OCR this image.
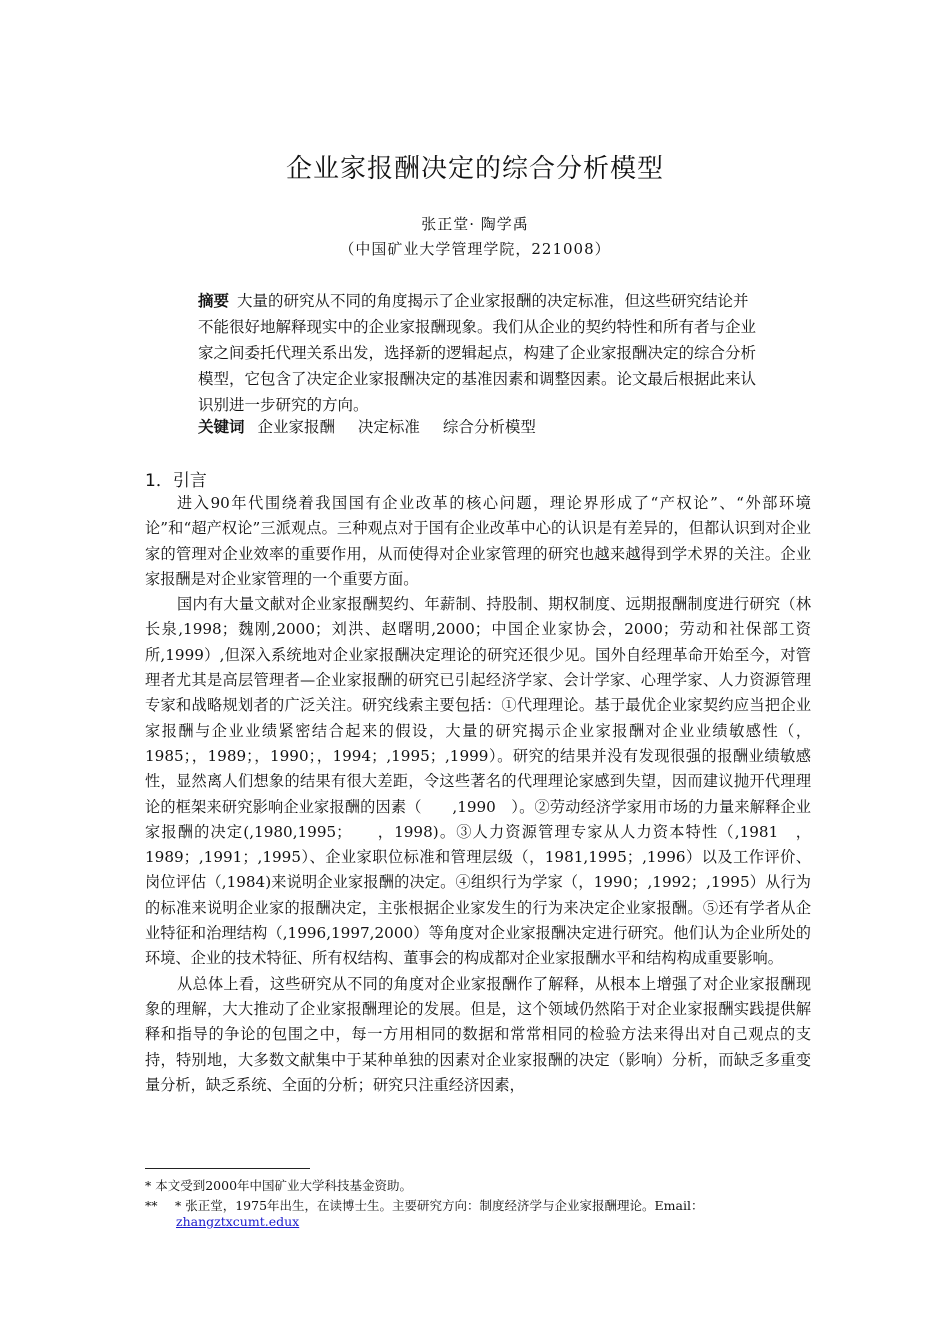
企业家报酬决定的综合分析模型
张正堂· 陶学禹
（中国矿业大学管理学院，221008）
摘要 大量的研究从不同的角度揭示了企业家报酬的决定标准，但这些研究结论并不能很好地解释现实中的企业家报酬现象。我们从企业的契约特性和所有者与企业家之间委托代理关系出发，选择新的逻辑起点，构建了企业家报酬决定的综合分析模型，它包含了决定企业家报酬决定的基准因素和调整因素。论文最后根据此来认识别进一步研究的方向。
关键词 企业家报酬 决定标准 综合分析模型
1．引言

进入90年代围绕着我国国有企业改革的核心问题，理论界形成了“产权论”、“外部环境论”和“超产权论”三派观点。三种观点对于国有企业改革中心的认识是有差异的，但都认识到对企业家的管理对企业效率的重要作用，从而使得对企业家管理的研究也越来越得到学术界的关注。企业家报酬是对企业家管理的一个重要方面。

国内有大量文献对企业家报酬契约、年薪制、持股制、期权制度、远期报酬制度进行研究（林长泉,1998；魏刚,2000；刘洪、赵曙明,2000；中国企业家协会，2000；劳动和社保部工资所,1999）,但深入系统地对企业家报酬决定理论的研究还很少见。国外自经理革命开始至今，对管理者尤其是高层管理者—企业家报酬的研究已引起经济学家、会计学家、心理学家、人力资源管理专家和战略规划者的广泛关注。研究线索主要包括：①代理理论。基于最优企业家契约应当把企业家报酬与企业业绩紧密结合起来的假设，大量的研究揭示企业家报酬对企业业绩敏感性（，1985；，1989；，1990；，1994；,1995；,1999）。研究的结果并没有发现很强的报酬业绩敏感性，显然离人们想象的结果有很大差距，令这些著名的代理理论家感到失望，因而建议抛开代理理论的框架来研究影响企业家报酬的因素（　　,1990　）。②劳动经济学家用市场的力量来解释企业家报酬的决定(,1980,1995；　　，1998)。③人力资源管理专家从人力资本特性（,1981　，1989；,1991；,1995）、企业家职位标准和管理层级（，1981,1995；,1996）以及工作评价、岗位评估（,1984)来说明企业家报酬的决定。④组织行为学家（，1990；,1992；,1995）从行为的标准来说明企业家的报酬决定，主张根据企业家发生的行为来决定企业家报酬。⑤还有学者从企业特征和治理结构（,1996,1997,2000）等角度对企业家报酬决定进行研究。他们认为企业所处的环境、企业的技术特征、所有权结构、董事会的构成都对企业家报酬水平和结构构成重要影响。

从总体上看，这些研究从不同的角度对企业家报酬作了解释，从根本上增强了对企业家报酬现象的理解，大大推动了企业家报酬理论的发展。但是，这个领域仍然陷于对企业家报酬实践提供解释和指导的争论的包围之中，每一方用相同的数据和常常相同的检验方法来得出对自己观点的支持，特别地，大多数文献集中于某种单独的因素对企业家报酬的决定（影响）分析，而缺乏多重变量分析，缺乏系统、全面的分析；研究只注重经济因素，

* 本文受到2000年中国矿业大学科技基金资助。
** * 张正堂，1975年出生，在读博士生。主要研究方向：制度经济学与企业家报酬理论。Email：
zhangztxcumt.edux
